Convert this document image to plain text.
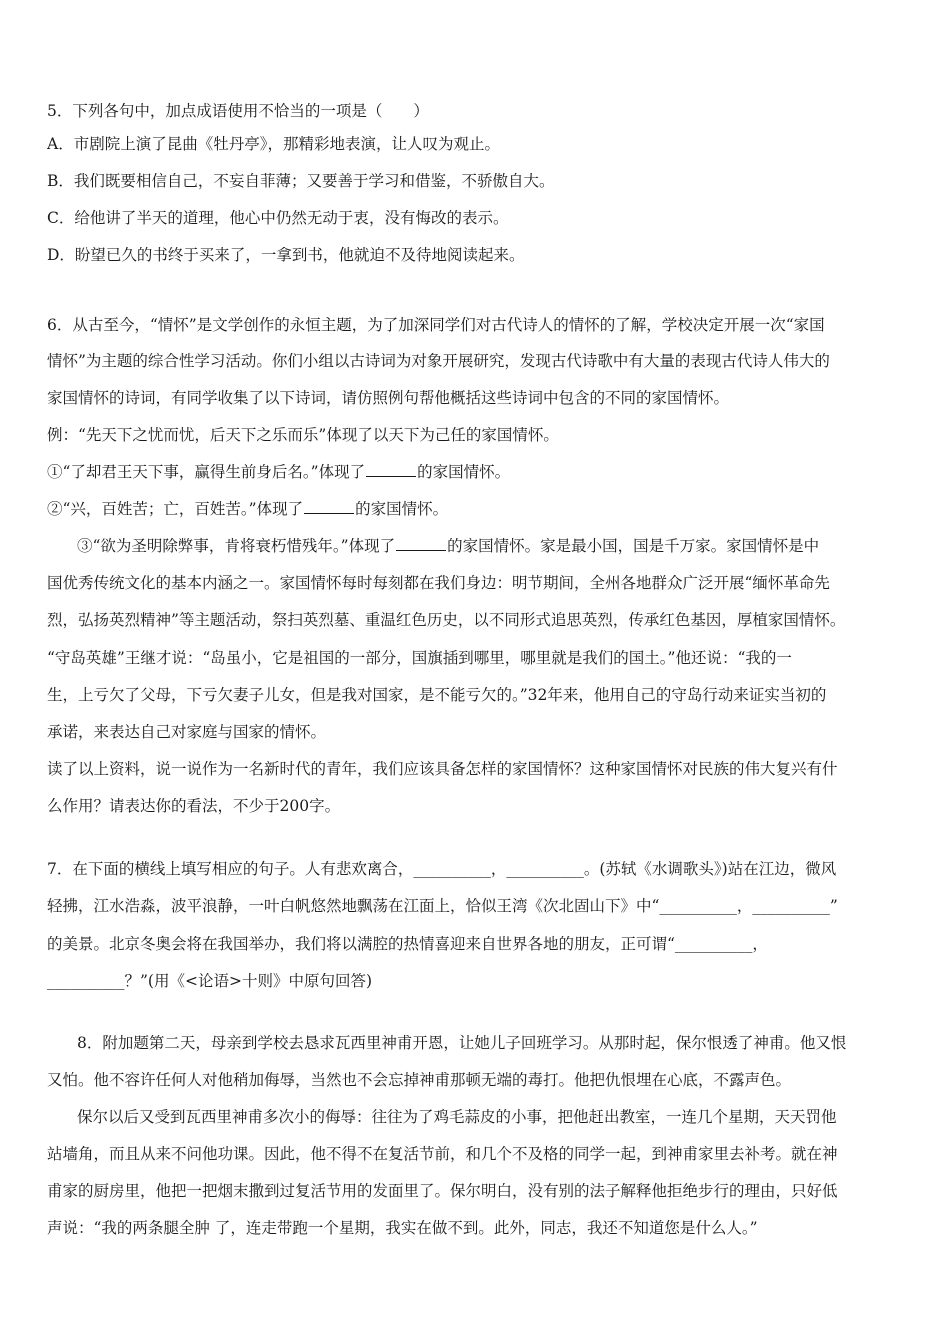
5．下列各句中，加点成语使用不恰当的一项是（　　）
A．市剧院上演了昆曲《牡丹亭》，那精彩地表演，让人叹为观止。
B．我们既要相信自己，不妄自菲薄；又要善于学习和借鉴，不骄傲自大。
C．给他讲了半天的道理，他心中仍然无动于衷，没有悔改的表示。
D．盼望已久的书终于买来了，一拿到书，他就迫不及待地阅读起来。
6．从古至今，“情怀”是文学创作的永恒主题，为了加深同学们对古代诗人的情怀的了解，学校决定开展一次“家国
情怀”为主题的综合性学习活动。你们小组以古诗词为对象开展研究，发现古代诗歌中有大量的表现古代诗人伟大的
家国情怀的诗词，有同学收集了以下诗词，请仿照例句帮他概括这些诗词中包含的不同的家国情怀。
例：“先天下之忧而忧，后天下之乐而乐”体现了以天下为己任的家国情怀。
①“了却君王天下事，赢得生前身后名。”体现了	的家国情怀。
②“兴，百姓苦；亡，百姓苦。”体现了	的家国情怀。
③“欲为圣明除弊事，肯将衰朽惜残年。”体现了	的家国情怀。家是最小国，国是千万家。家国情怀是中
国优秀传统文化的基本内涵之一。家国情怀每时每刻都在我们身边：明节期间，全州各地群众广泛开展“缅怀革命先
烈，弘扬英烈精神”等主题活动，祭扫英烈墓、重温红色历史，以不同形式追思英烈，传承红色基因，厚植家国情怀。
“守岛英雄”王继才说：“岛虽小，它是祖国的一部分，国旗插到哪里，哪里就是我们的国土。”他还说：“我的一
生，上亏欠了父母，下亏欠妻子儿女，但是我对国家，是不能亏欠的。”32年来，他用自己的守岛行动来证实当初的
承诺，来表达自己对家庭与国家的情怀。
读了以上资料，说一说作为一名新时代的青年，我们应该具备怎样的家国情怀？这种家国情怀对民族的伟大复兴有什
么作用？请表达你的看法，不少于200字。
7．在下面的横线上填写相应的句子。人有悲欢离合，__________，__________。(苏轼《水调歌头》)站在江边，微风
轻拂，江水浩淼，波平浪静，一叶白帆悠然地飘荡在江面上，恰似王湾《次北固山下》中“__________，__________”
的美景。北京冬奥会将在我国举办，我们将以满腔的热情喜迎来自世界各地的朋友，正可谓“__________，
__________？”(用《<论语>十则》中原句回答)
8．附加题第二天，母亲到学校去恳求瓦西里神甫开恩，让她儿子回班学习。从那时起，保尔恨透了神甫。他又恨
又怕。他不容许任何人对他稍加侮辱，当然也不会忘掉神甫那顿无端的毒打。他把仇恨埋在心底，不露声色。
保尔以后又受到瓦西里神甫多次小的侮辱：往往为了鸡毛蒜皮的小事，把他赶出教室，一连几个星期，天天罚他
站墙角，而且从来不问他功课。因此，他不得不在复活节前，和几个不及格的同学一起，到神甫家里去补考。就在神
甫家的厨房里，他把一把烟末撒到过复活节用的发面里了。保尔明白，没有别的法子解释他拒绝步行的理由，只好低
声说：“我的两条腿全肿 了，连走带跑一个星期，我实在做不到。此外，同志，我还不知道您是什么人。”
